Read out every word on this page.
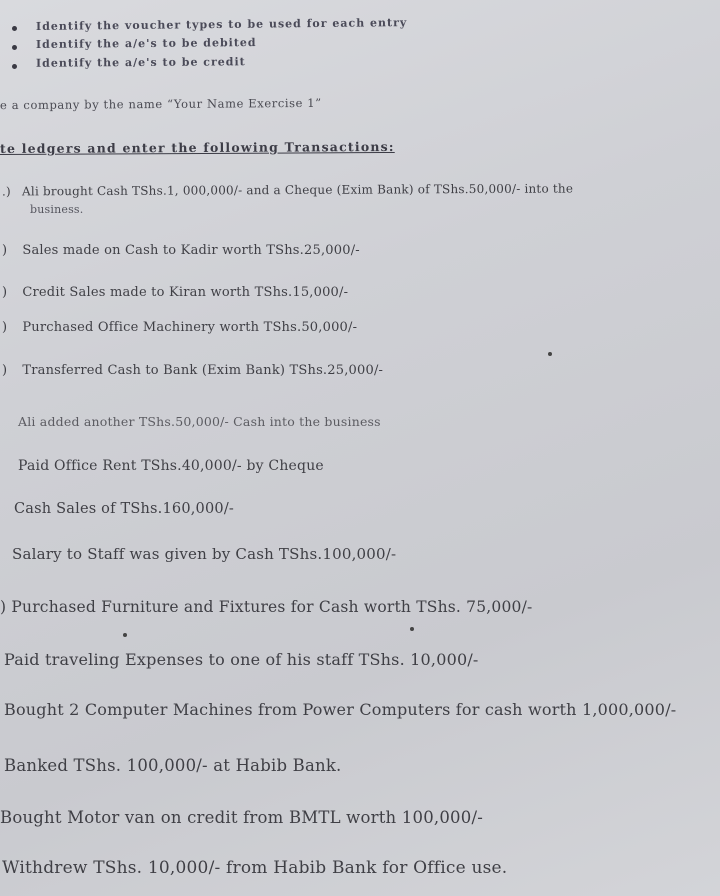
Identify the voucher types to be used for each entry
Identify the a/e's to be debited
Identify the a/e's to be credit
e a company by the name “Your Name Exercise 1”
te ledgers and enter the following Transactions:
.) Ali brought Cash TShs.1, 000,000/- and a Cheque (Exim Bank) of TShs.50,000/- into the
business.
) Sales made on Cash to Kadir worth TShs.25,000/-
) Credit Sales made to Kiran worth TShs.15,000/-
) Purchased Office Machinery worth TShs.50,000/-
) Transferred Cash to Bank (Exim Bank) TShs.25,000/-
Ali added another TShs.50,000/- Cash into the business
Paid Office Rent TShs.40,000/- by Cheque
Cash Sales of TShs.160,000/-
Salary to Staff was given by Cash TShs.100,000/-
) Purchased Furniture and Fixtures for Cash worth TShs. 75,000/-
Paid traveling Expenses to one of his staff TShs. 10,000/-
Bought 2 Computer Machines from Power Computers for cash worth 1,000,000/-
Banked TShs. 100,000/- at Habib Bank.
Bought Motor van on credit from BMTL worth 100,000/-
Withdrew TShs. 10,000/- from Habib Bank for Office use.
